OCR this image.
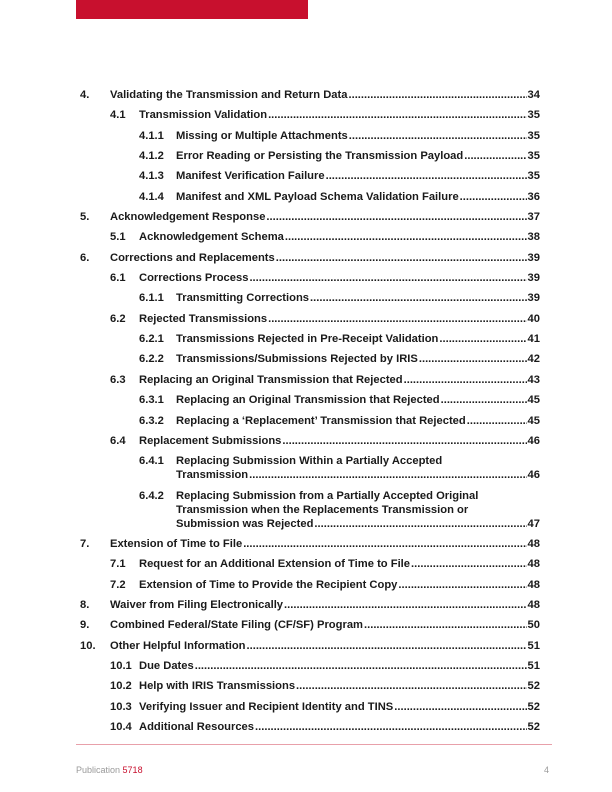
4. Validating the Transmission and Return Data .....	34
4.1 Transmission Validation .....	35
4.1.1 Missing or Multiple Attachments .....	35
4.1.2 Error Reading or Persisting the Transmission Payload .....	35
4.1.3 Manifest Verification Failure .....	35
4.1.4 Manifest and XML Payload Schema Validation Failure .....	36
5. Acknowledgement Response .....	37
5.1 Acknowledgement Schema .....	38
6. Corrections and Replacements .....	39
6.1 Corrections Process .....	39
6.1.1 Transmitting Corrections .....	39
6.2 Rejected Transmissions .....	40
6.2.1 Transmissions Rejected in Pre-Receipt Validation .....	41
6.2.2 Transmissions/Submissions Rejected by IRIS .....	42
6.3 Replacing an Original Transmission that Rejected .....	43
6.3.1 Replacing an Original Transmission that Rejected .....	45
6.3.2 Replacing a ‘Replacement’ Transmission that Rejected .....	45
6.4 Replacement Submissions .....	46
6.4.1 Replacing Submission Within a Partially Accepted
Transmission .....	46
6.4.2 Replacing Submission from a Partially Accepted Original
Transmission when the Replacements Transmission or
Submission was Rejected .....	47
7. Extension of Time to File .....	48
7.1 Request for an Additional Extension of Time to File .....	48
7.2 Extension of Time to Provide the Recipient Copy .....	48
8. Waiver from Filing Electronically .....	48
9. Combined Federal/State Filing (CF/SF) Program .....	50
10. Other Helpful Information .....	51
10.1 Due Dates .....	51
10.2 Help with IRIS Transmissions .....	52
10.3 Verifying Issuer and Recipient Identity and TINS .....	52
10.4 Additional Resources .....	52
Publication 5718	4
